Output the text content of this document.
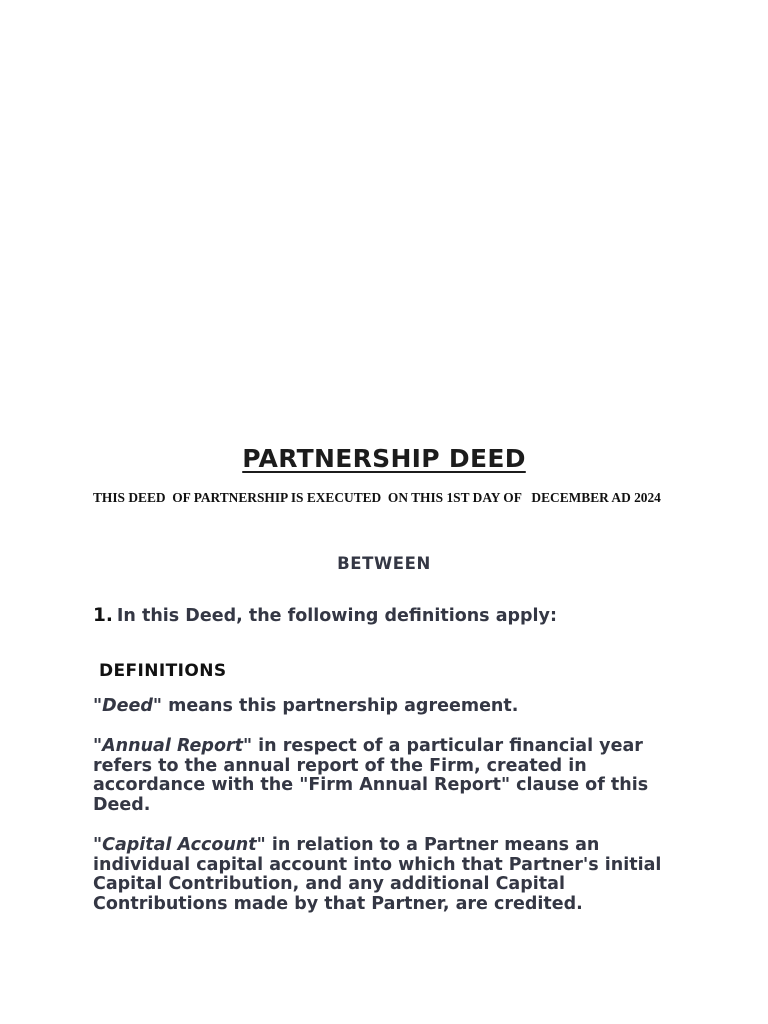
PARTNERSHIP DEED
THIS DEED  OF PARTNERSHIP IS EXECUTED  ON THIS 1ST DAY OF   DECEMBER AD 2024
BETWEEN
1. In this Deed, the following definitions apply:
DEFINITIONS
"Deed" means this partnership agreement.
"Annual Report" in respect of a particular financial year refers to the annual report of the Firm, created in accordance with the "Firm Annual Report" clause of this Deed.
"Capital Account" in relation to a Partner means an individual capital account into which that Partner's initial Capital Contribution, and any additional Capital Contributions made by that Partner, are credited.
